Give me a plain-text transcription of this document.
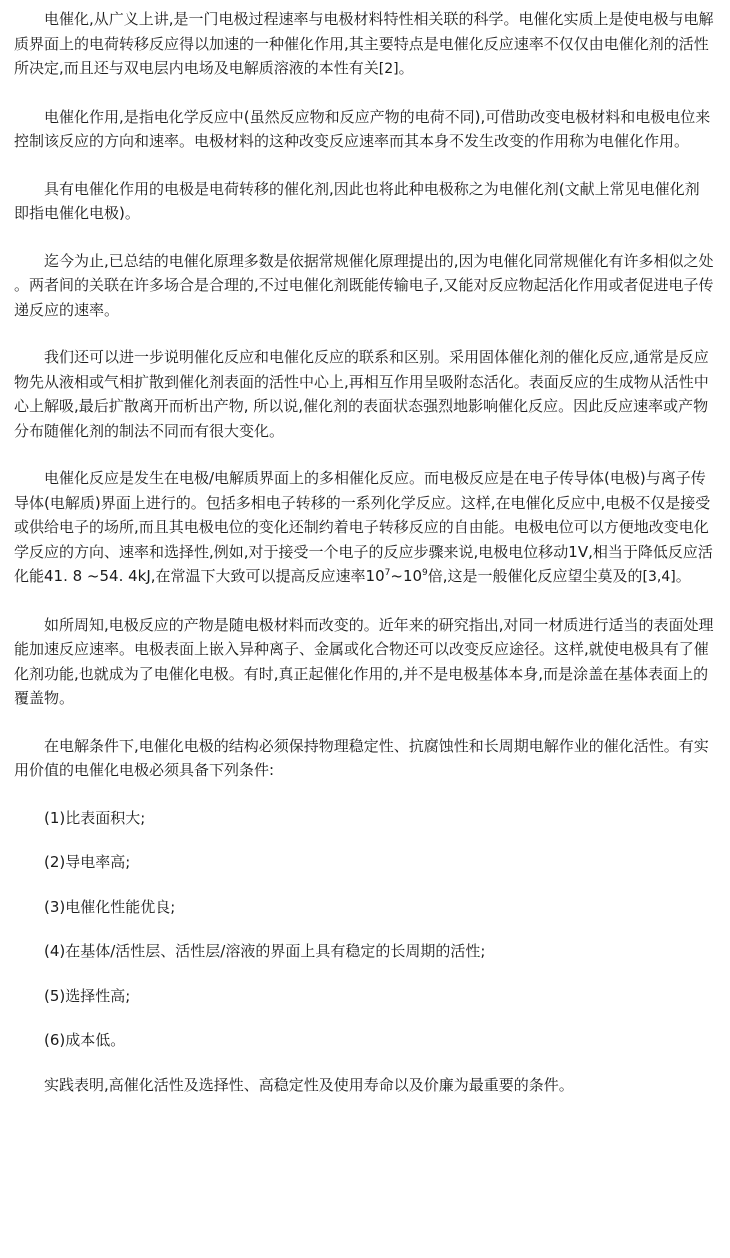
电催化,从广义上讲,是一门电极过程速率与电极材料特性相关联的科学。电催化实质上是使电极与电解质界面上的电荷转移反应得以加速的一种催化作用,其主要特点是电催化反应速率不仅仅由电催化剂的活性所决定,而且还与双电层内电场及电解质溶液的本性有关[2]。

电催化作用,是指电化学反应中(虽然反应物和反应产物的电荷不同),可借助改变电极材料和电极电位来控制该反应的方向和速率。电极材料的这种改变反应速率而其本身不发生改变的作用称为电催化作用。

具有电催化作用的电极是电荷转移的催化剂,因此也将此种电极称之为电催化剂(文献上常见电催化剂即指电催化电极)。

迄今为止,已总结的电催化原理多数是依据常规催化原理提出的,因为电催化同常规催化有许多相似之处。两者间的关联在许多场合是合理的,不过电催化剂既能传输电子,又能对反应物起活化作用或者促进电子传递反应的速率。

我们还可以进一步说明催化反应和电催化反应的联系和区别。采用固体催化剂的催化反应,通常是反应物先从液相或气相扩散到催化剂表面的活性中心上,再相互作用呈吸附态活化。表面反应的生成物从活性中心上解吸,最后扩散离开而析出产物, 所以说,催化剂的表面状态强烈地影响催化反应。因此反应速率或产物分布随催化剂的制法不同而有很大变化。

电催化反应是发生在电极/电解质界面上的多相催化反应。而电极反应是在电子传导体(电极)与离子传导体(电解质)界面上进行的。包括多相电子转移的一系列化学反应。这样,在电催化反应中,电极不仅是接受或供给电子的场所,而且其电极电位的变化还制约着电子转移反应的自由能。电极电位可以方便地改变电化学反应的方向、速率和选择性,例如,对于接受一个电子的反应步骤来说,电极电位移动1V,相当于降低反应活化能41. 8 ~54. 4kJ,在常温下大致可以提高反应速率$10^7\sim 10^9$倍,这是一般催化反应望尘莫及的[3,4]。

如所周知,电极反应的产物是随电极材料而改变的。近年来的研究指出,对同一材质进行适当的表面处理能加速反应速率。电极表面上嵌入异种离子、金属或化合物还可以改变反应途径。这样,就使电极具有了催化剂功能,也就成为了电催化电极。有时,真正起催化作用的,并不是电极基体本身,而是涂盖在基体表面上的覆盖物。

在电解条件下,电催化电极的结构必须保持物理稳定性、抗腐蚀性和长周期电解作业的催化活性。有实用价值的电催化电极必须具备下列条件:

(1)比表面积大;
(2)导电率高;
(3)电催化性能优良;
(4)在基体/活性层、活性层/溶液的界面上具有稳定的长周期的活性;
(5)选择性高;
(6)成本低。

实践表明,高催化活性及选择性、高稳定性及使用寿命以及价廉为最重要的条件。
